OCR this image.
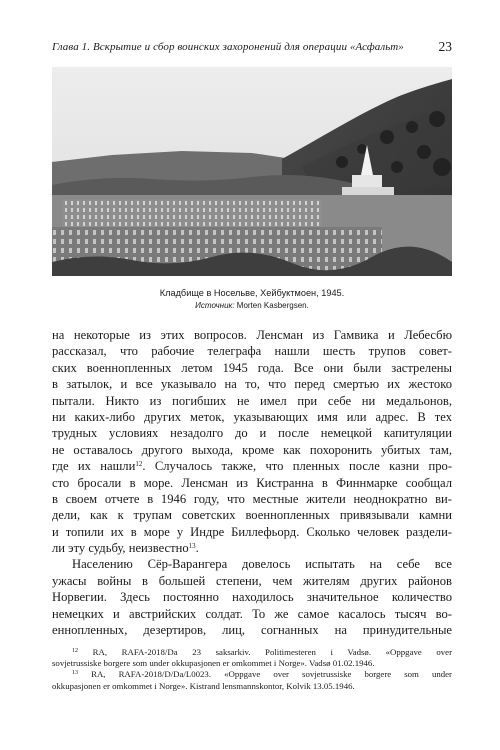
Глава 1. Вскрытие и сбор воинских захоронений для операции «Асфальт»	23
Кладбище в Носельве, Хейбуктмоен, 1945.
Источник: Morten Kasbergsen.
на некоторые из этих вопросов. Ленсман из Гамвика и Лебесбю
рассказал, что рабочие телеграфа нашли шесть трупов совет-
ских военнопленных летом 1945 года. Все они были застрелены
в затылок, и все указывало на то, что перед смертью их жестоко
пытали. Никто из погибших не имел при себе ни медальонов,
ни каких-либо других меток, указывающих имя или адрес. В тех
трудных условиях незадолго до и после немецкой капитуляции
не оставалось другого выхода, кроме как похоронить убитых там,
где их нашли$^{12}$. Случалось также, что пленных после казни про-
сто бросали в море. Ленсман из Кистранна в Финнмарке сообщал
в своем отчете в 1946 году, что местные жители неоднократно ви-
дели, как к трупам советских военнопленных привязывали камни
и топили их в море у Индре Биллефьорд. Сколько человек раздели-
ли эту судьбу, неизвестно$^{13}$.
Населению Сёр-Варангера довелось испытать на себе все
ужасы войны в большей степени, чем жителям других районов
Норвегии. Здесь постоянно находилось значительное количество
немецких и австрийских солдат. То же самое касалось тысяч во-
еннопленных, дезертиров, лиц, согнанных на принудительные
$^{12}$ RA, RAFA-2018/Da 23 saksarkiv. Politimesteren i Vadsø. «Oppgave over
sovjetrussiske borgere som under okkupasjonen er omkommet i Norge». Vadsø 01.02.1946.
$^{13}$ RA, RAFA-2018/D/Da/L0023. «Oppgave over sovjetrussiske borgere som under
okkupasjonen er omkommet i Norge». Kistrand lensmannskontor, Kolvik 13.05.1946.
